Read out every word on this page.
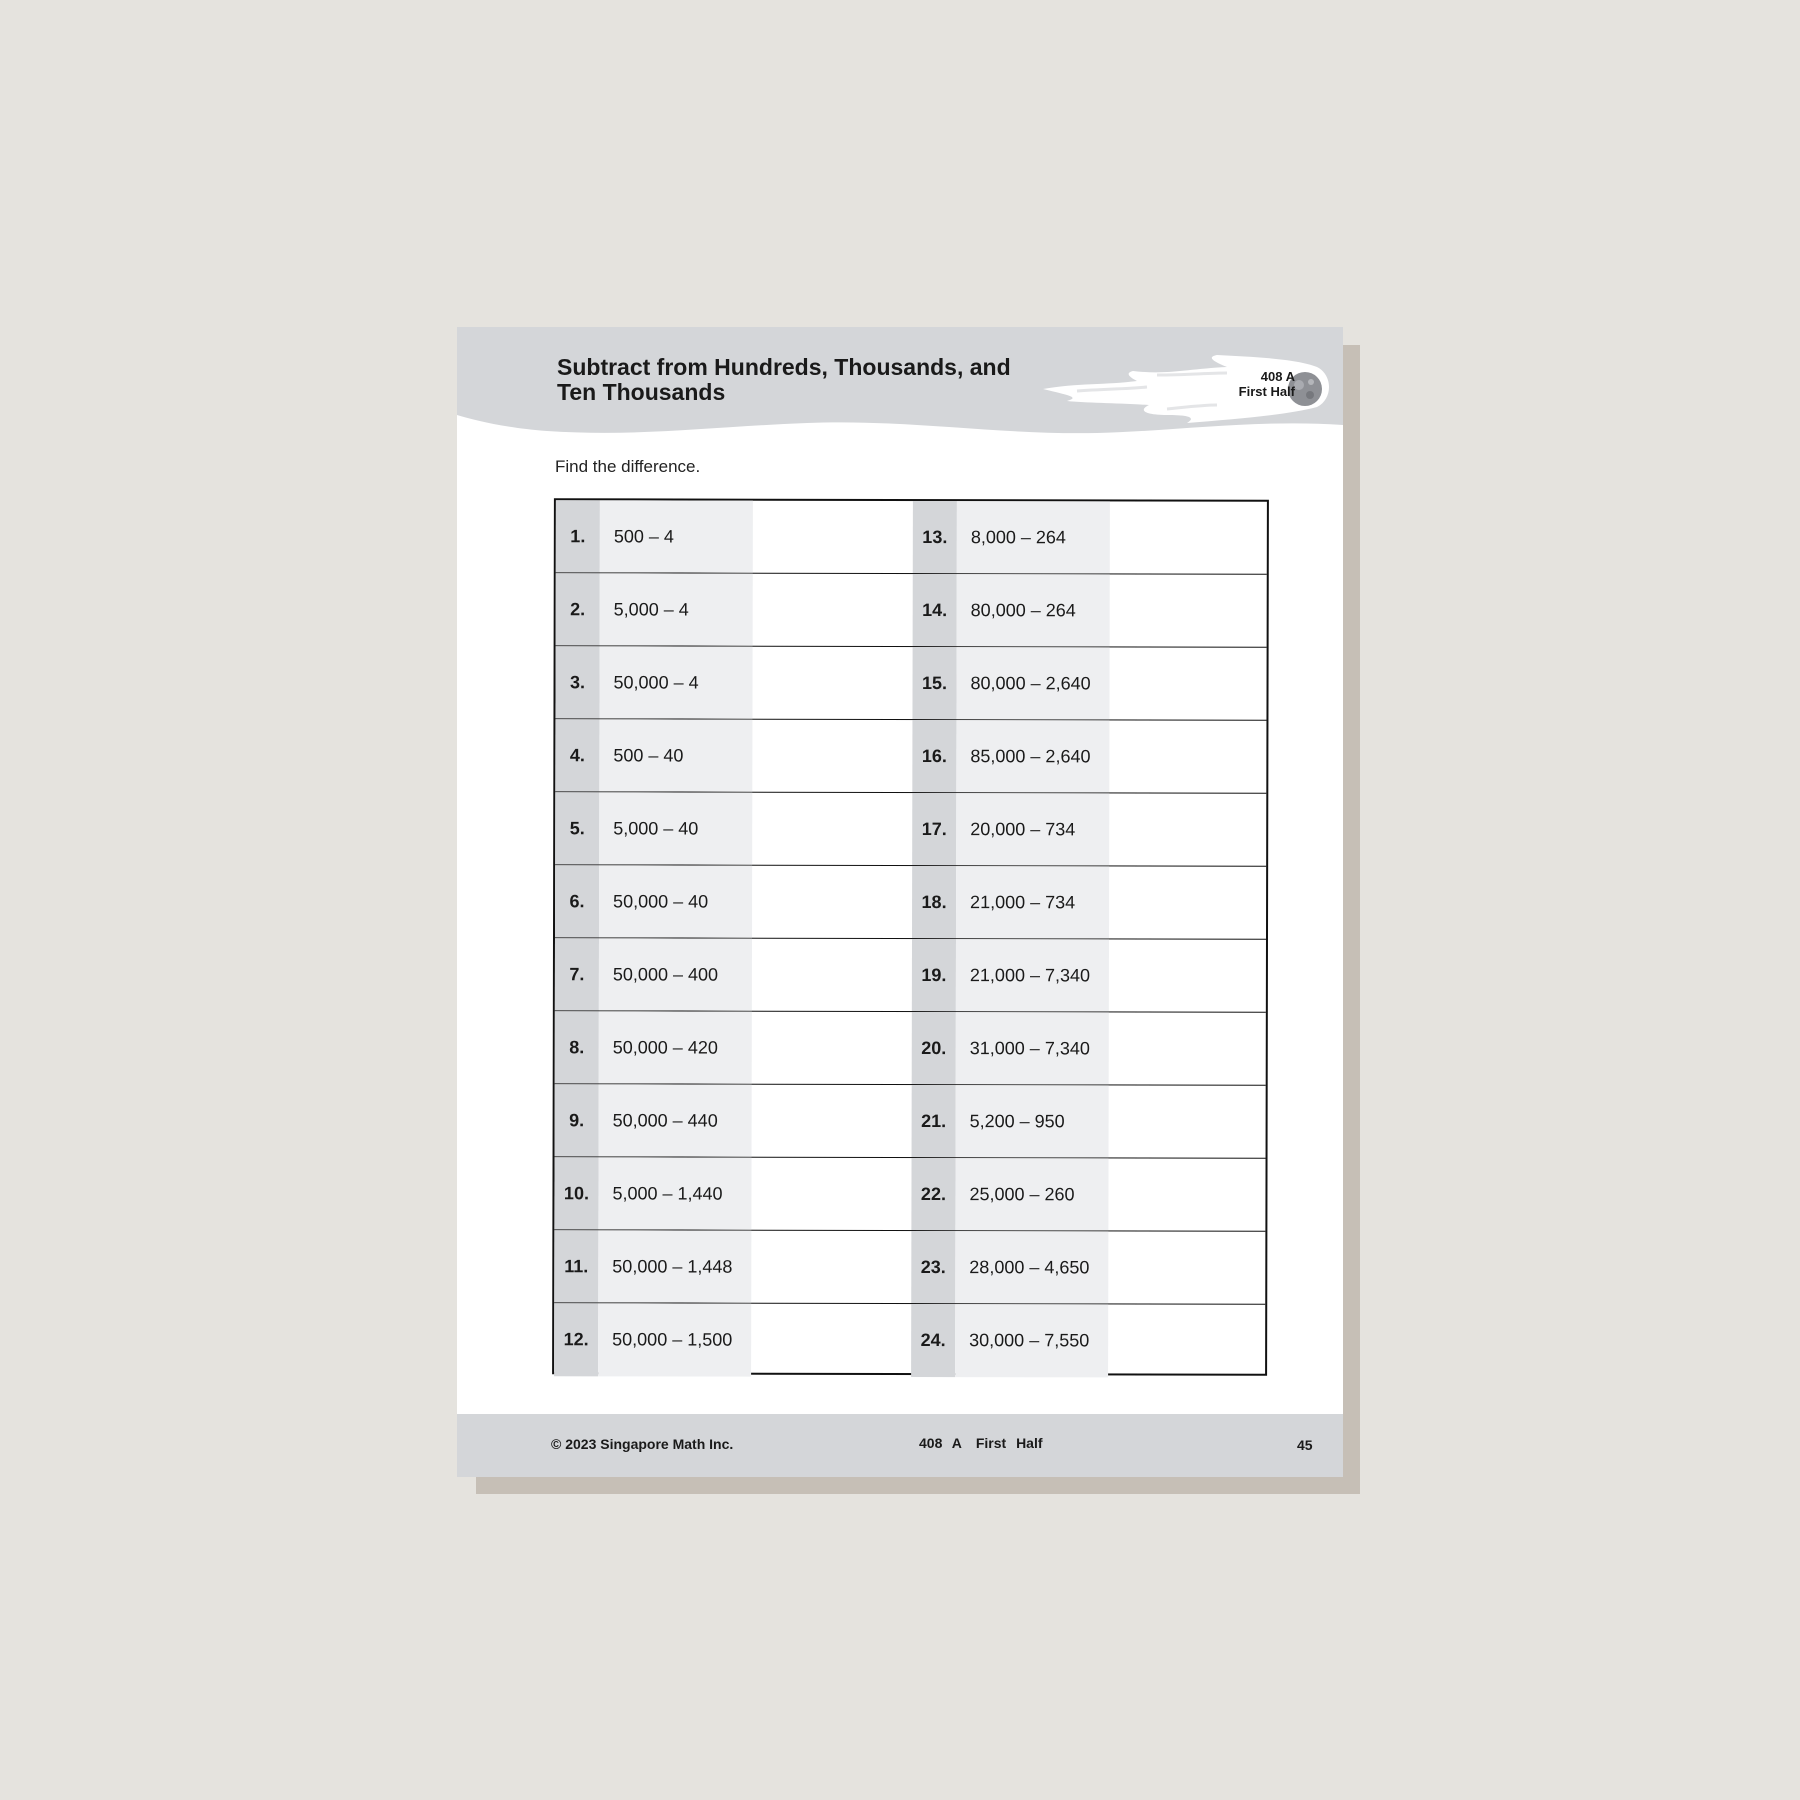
Subtract from Hundreds, Thousands, and
Ten Thousands
408 A
First Half

Find the difference.

1.	500 – 4	13.	8,000 – 264
2.	5,000 – 4	14.	80,000 – 264
3.	50,000 – 4	15.	80,000 – 2,640
4.	500 – 40	16.	85,000 – 2,640
5.	5,000 – 40	17.	20,000 – 734
6.	50,000 – 40	18.	21,000 – 734
7.	50,000 – 400	19.	21,000 – 7,340
8.	50,000 – 420	20.	31,000 – 7,340
9.	50,000 – 440	21.	5,200 – 950
10.	5,000 – 1,440	22.	25,000 – 260
11.	50,000 – 1,448	23.	28,000 – 4,650
12.	50,000 – 1,500	24.	30,000 – 7,550
© 2023 Singapore Math Inc.	408 A First Half	45
